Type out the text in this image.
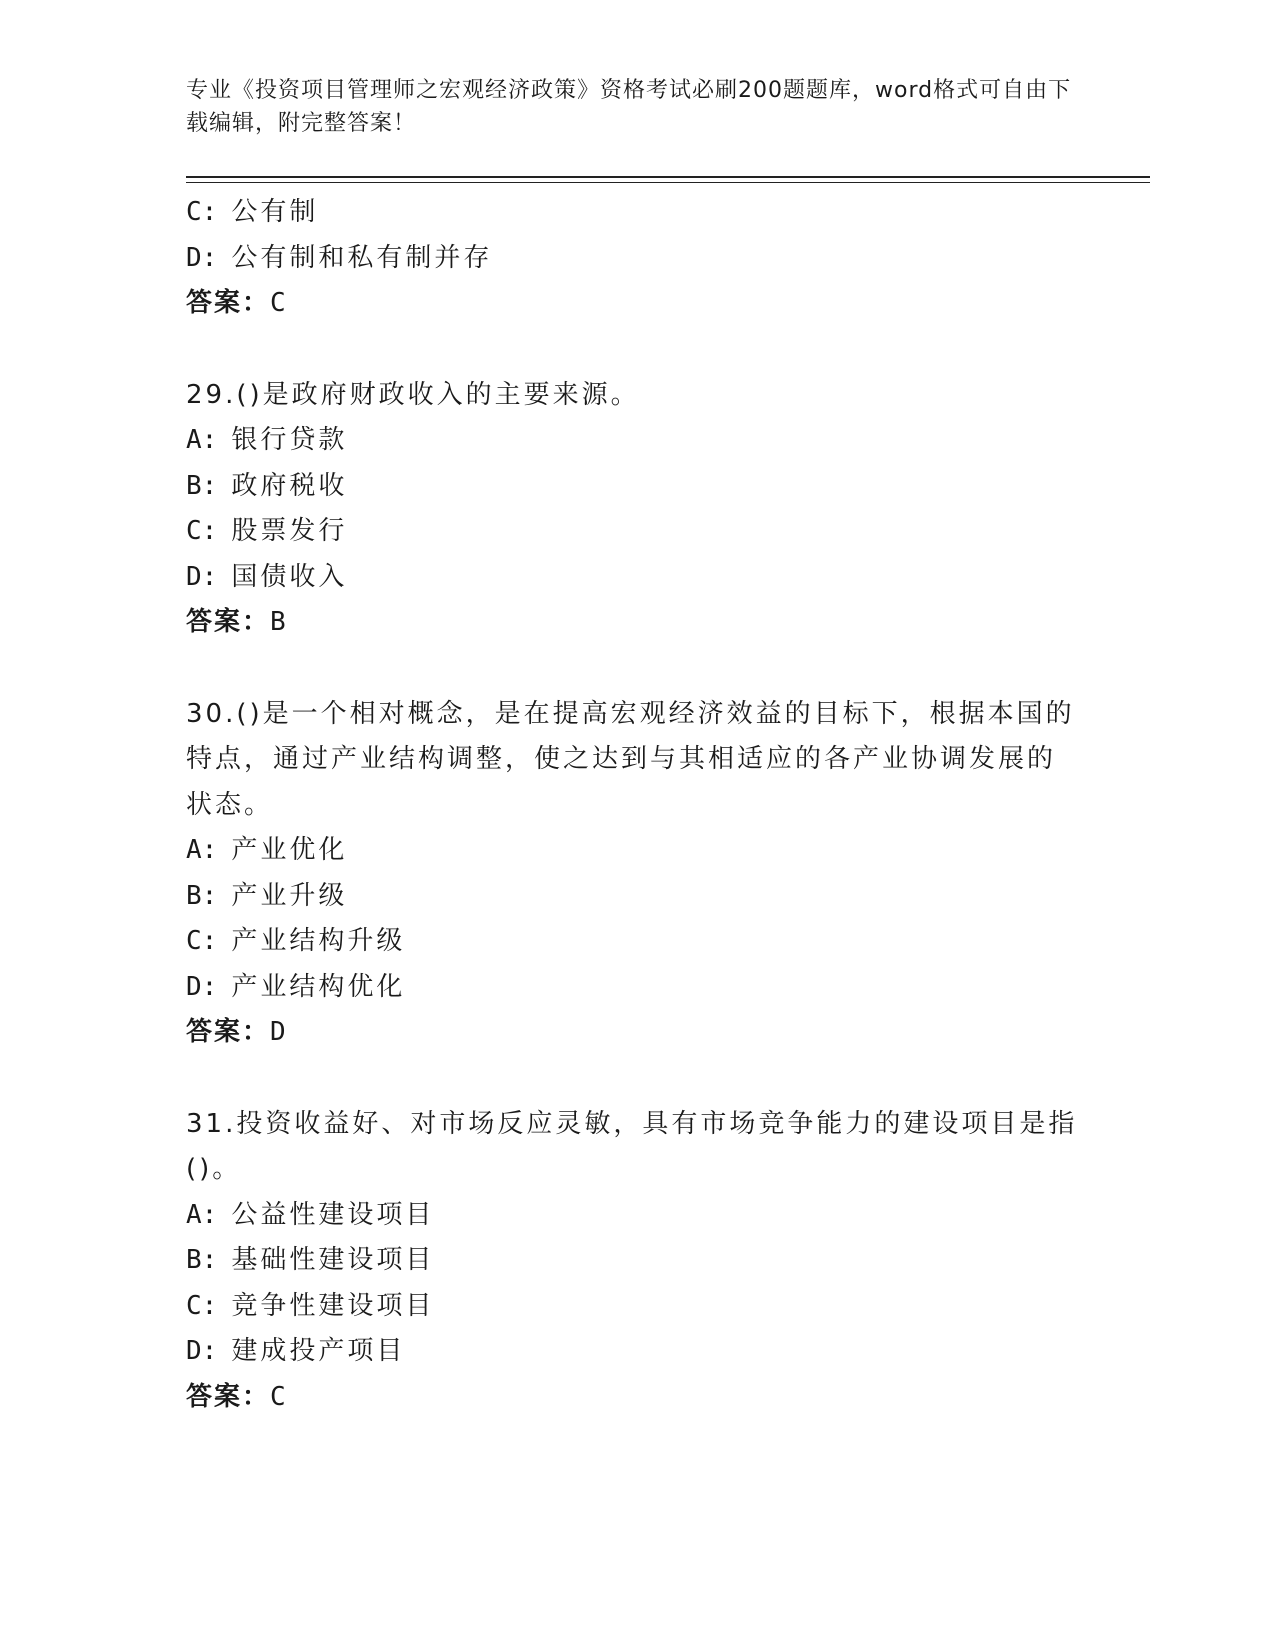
专业《投资项目管理师之宏观经济政策》资格考试必刷200题题库，word格式可自由下载编辑，附完整答案！
C: 公有制
D: 公有制和私有制并存
答案：C
29.()是政府财政收入的主要来源。
A: 银行贷款
B: 政府税收
C: 股票发行
D: 国债收入
答案：B
30.()是一个相对概念，是在提高宏观经济效益的目标下，根据本国的
特点，通过产业结构调整，使之达到与其相适应的各产业协调发展的
状态。
A: 产业优化
B: 产业升级
C: 产业结构升级
D: 产业结构优化
答案：D
31.投资收益好、对市场反应灵敏，具有市场竞争能力的建设项目是指
()。
A: 公益性建设项目
B: 基础性建设项目
C: 竞争性建设项目
D: 建成投产项目
答案：C
